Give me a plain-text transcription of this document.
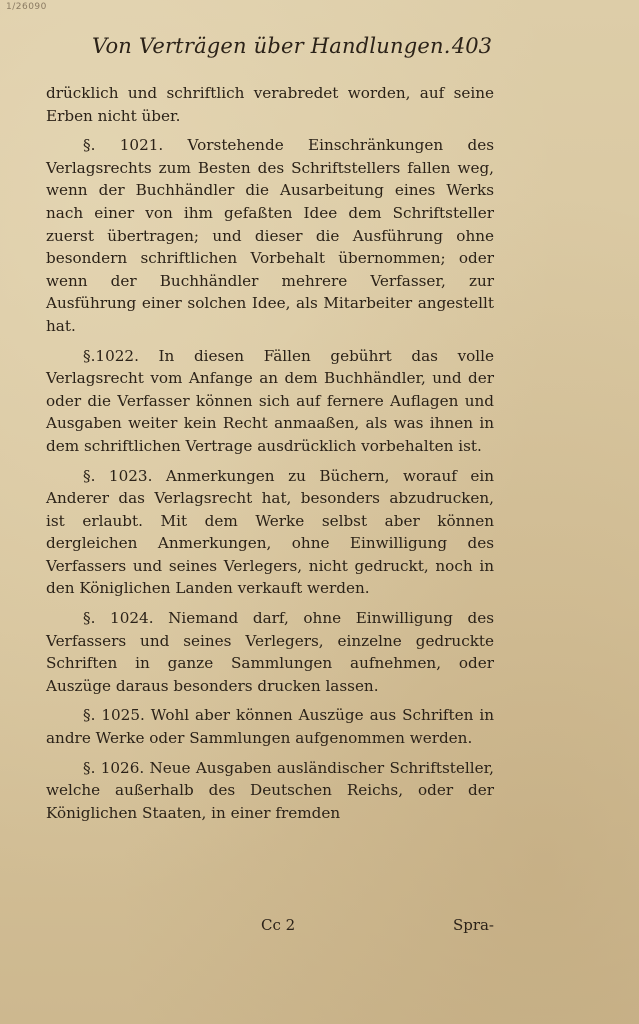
1/26090
Von Verträgen über Handlungen. 403

drücklich und schriftlich verabredet worden, auf seine Erben nicht über.

§. 1021. Vorstehende Einschränkungen des Verlagsrechts zum Besten des Schriftstellers fallen weg, wenn der Buchhändler die Ausarbeitung eines Werks nach einer von ihm gefaßten Idee dem Schriftsteller zuerst übertragen; und dieser die Ausführung ohne besondern schriftlichen Vorbehalt übernommen; oder wenn der Buchhändler mehrere Verfasser, zur Ausführung einer solchen Idee, als Mitarbeiter angestellt hat.

§.1022. In diesen Fällen gebührt das volle Verlagsrecht vom Anfange an dem Buchhändler, und der oder die Verfasser können sich auf fernere Auflagen und Ausgaben weiter kein Recht anmaaßen, als was ihnen in dem schriftlichen Vertrage ausdrücklich vorbehalten ist.

§. 1023. Anmerkungen zu Büchern, worauf ein Anderer das Verlagsrecht hat, besonders abzudrucken, ist erlaubt. Mit dem Werke selbst aber können dergleichen Anmerkungen, ohne Einwilligung des Verfassers und seines Verlegers, nicht gedruckt, noch in den Königlichen Landen verkauft werden.

§. 1024. Niemand darf, ohne Einwilligung des Verfassers und seines Verlegers, einzelne gedruckte Schriften in ganze Sammlungen aufnehmen, oder Auszüge daraus besonders drucken lassen.

§. 1025. Wohl aber können Auszüge aus Schriften in andre Werke oder Sammlungen aufgenommen werden.

§. 1026. Neue Ausgaben ausländischer Schriftsteller, welche außerhalb des Deutschen Reichs, oder der Königlichen Staaten, in einer fremden

Cc 2	Spra-
